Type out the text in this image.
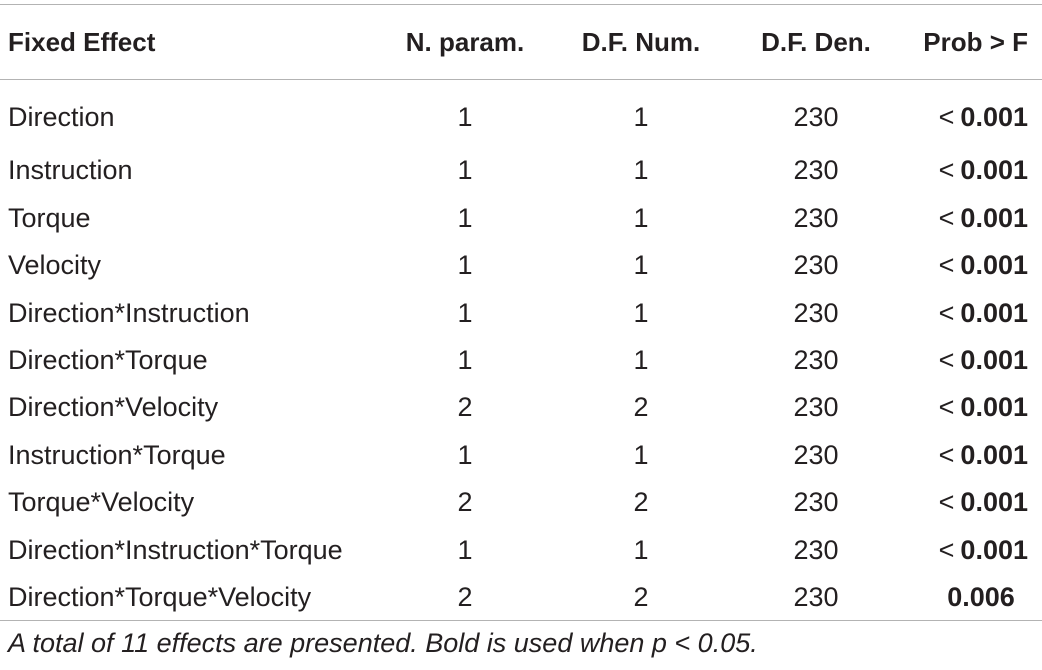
Fixed Effect	N. param.	D.F. Num.	D.F. Den.	Prob > F
Direction	1	1	230	< 0.001
Instruction	1	1	230	< 0.001
Torque	1	1	230	< 0.001
Velocity	1	1	230	< 0.001
Direction*Instruction	1	1	230	< 0.001
Direction*Torque	1	1	230	< 0.001
Direction*Velocity	2	2	230	< 0.001
Instruction*Torque	1	1	230	< 0.001
Torque*Velocity	2	2	230	< 0.001
Direction*Instruction*Torque	1	1	230	< 0.001
Direction*Torque*Velocity	2	2	230	0.006
A total of 11 effects are presented. Bold is used when p < 0.05.
